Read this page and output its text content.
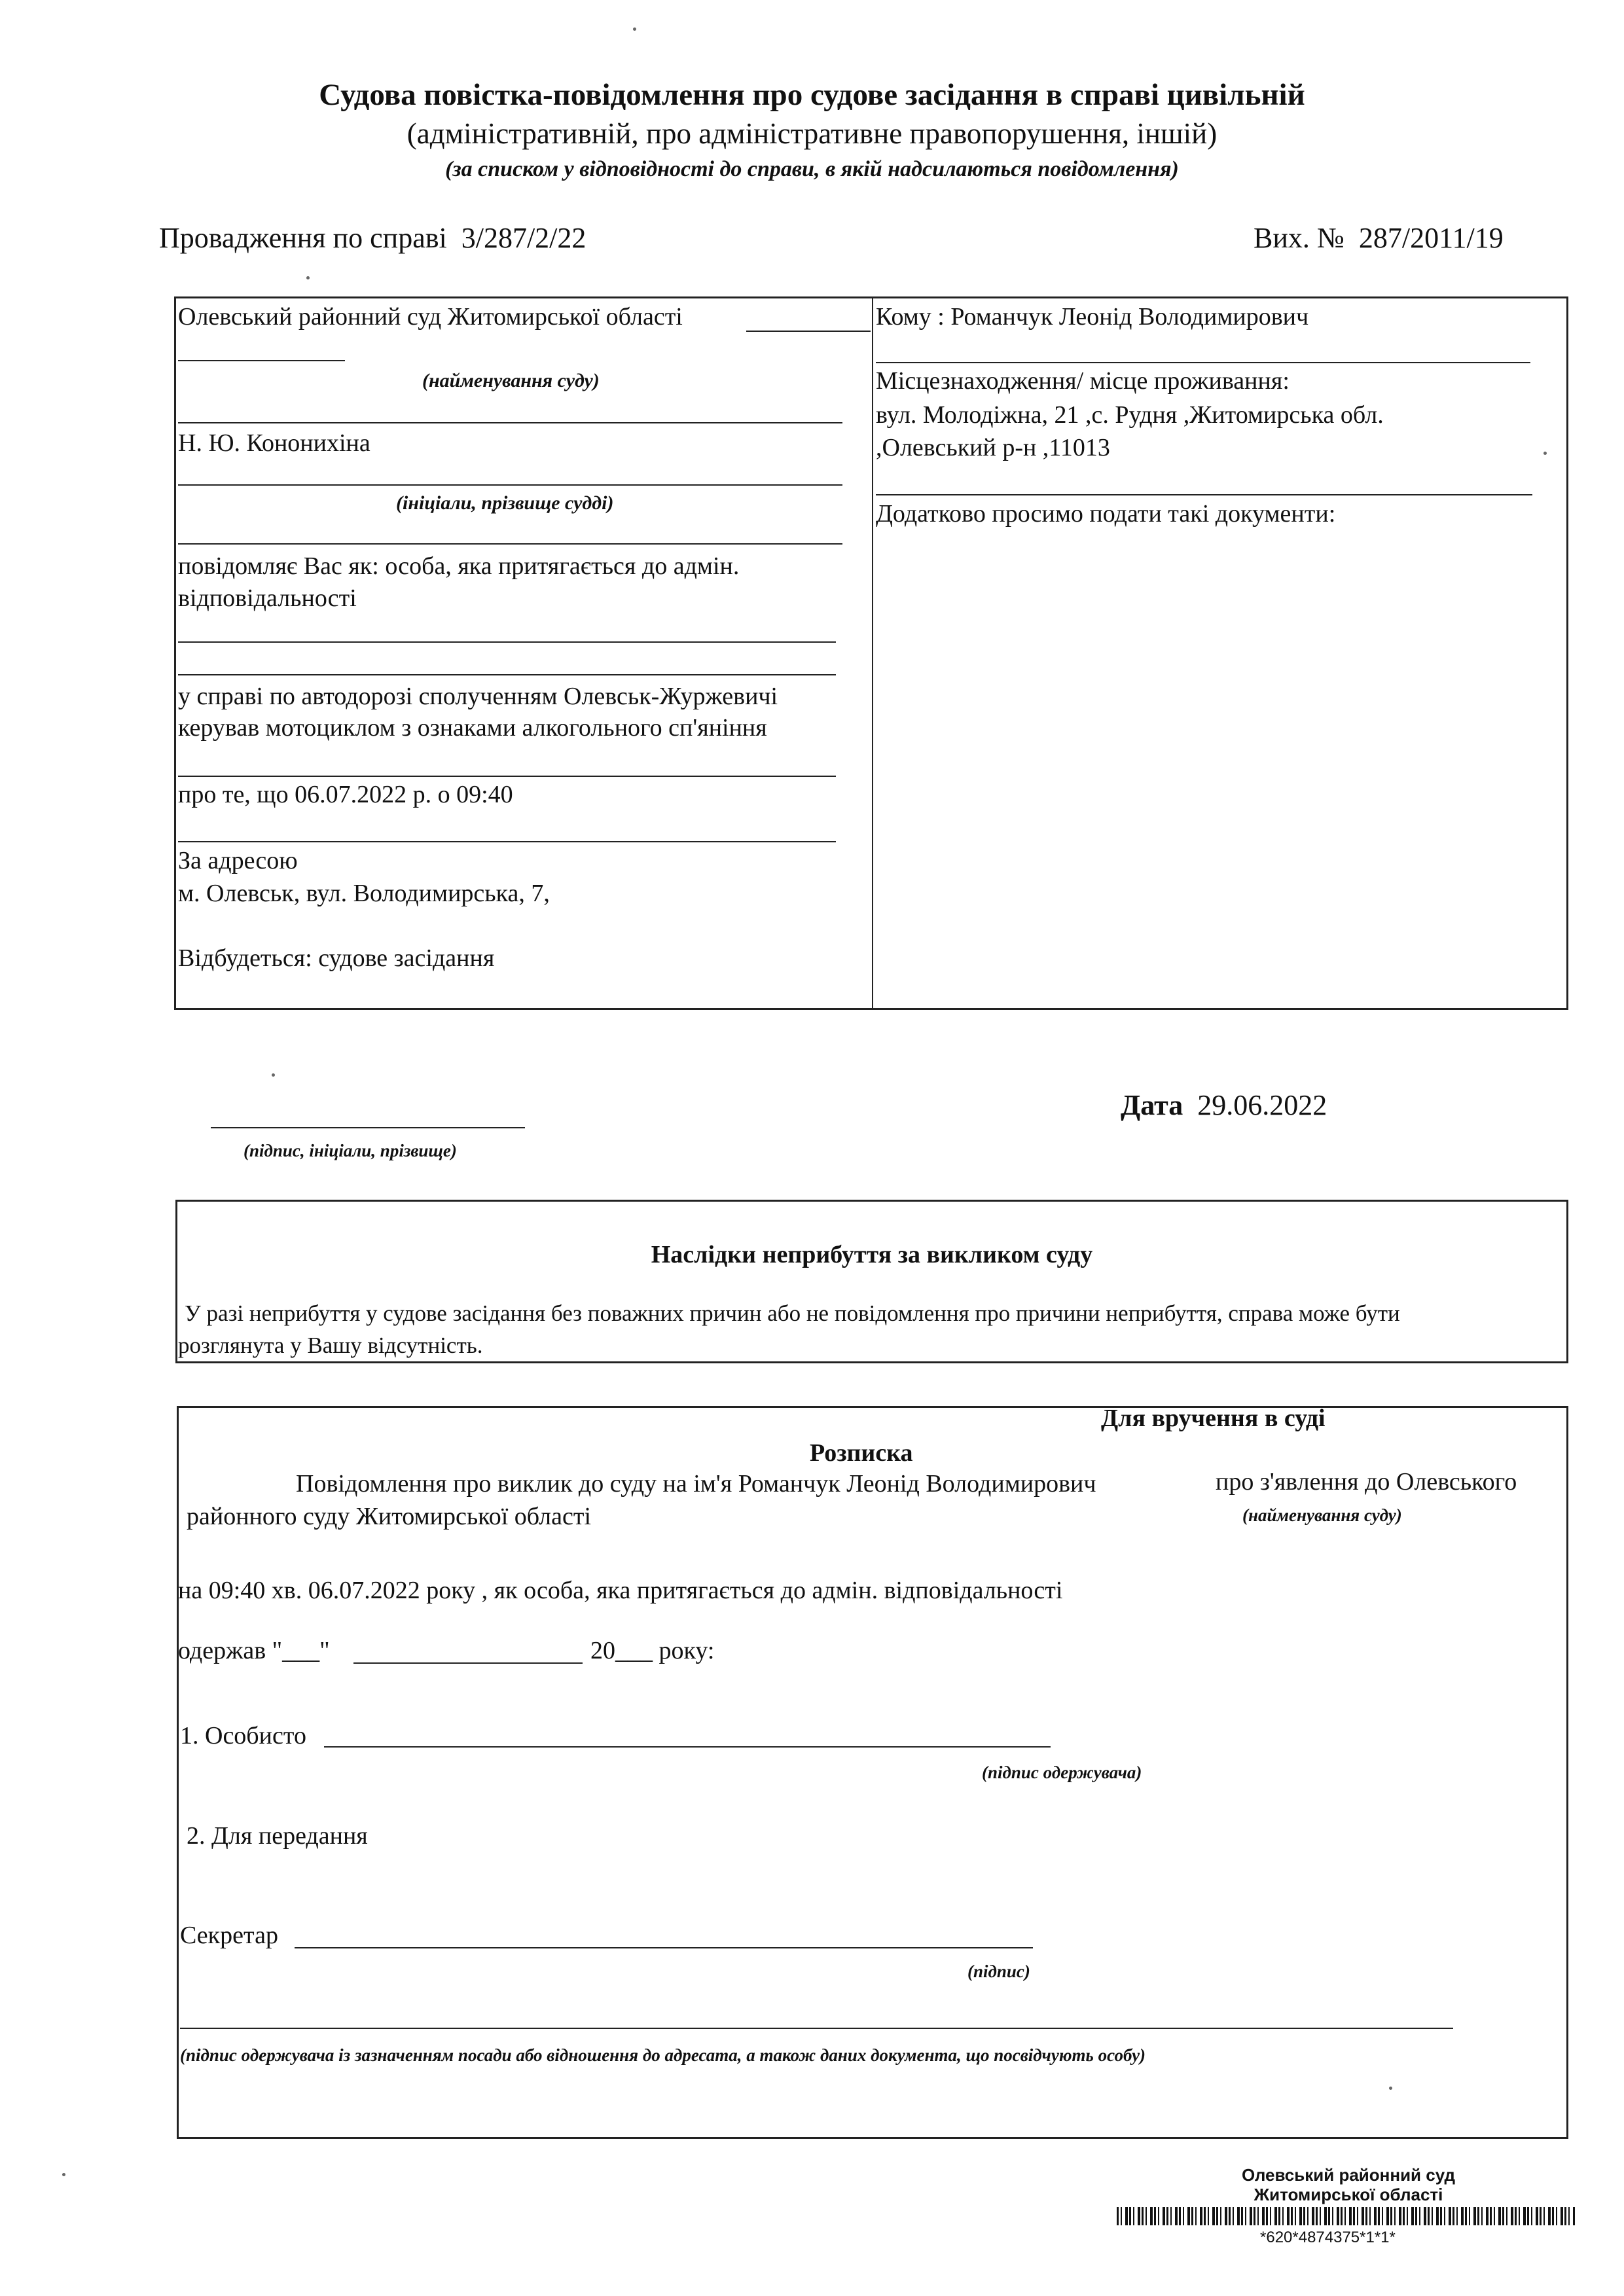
Судова повістка-повідомлення про судове засідання в справі цивільній
(адміністративній, про адміністративне правопорушення, іншій)
(за списком у відповідності до справи, в якій надсилаються повідомлення)
Провадження по справі 3/287/2/22	Вих. № 287/2011/19
Олевський районний суд Житомирської області
(найменування суду)
Н. Ю. Кононихіна
(ініціали, прізвище судді)
повідомляє Вас як: особа, яка притягається до адмін.
відповідальності
у справі по автодорозі сполученням Олевськ-Журжевичі
керував мотоциклом з ознаками алкогольного сп'яніння
про те, що 06.07.2022 р. о 09:40
За адресою
м. Олевськ, вул. Володимирська, 7,
Відбудеться: судове засідання
Кому : Романчук Леонід Володимирович
Місцезнаходження/ місце проживання:
вул. Молодіжна, 21 ,с. Рудня ,Житомирська обл.
,Олевський р-н ,11013
Додатково просимо подати такі документи:
(підпис, ініціали, прізвище)
Дата 29.06.2022
Наслідки неприбуття за викликом суду
У разі неприбуття у судове засідання без поважних причин або не повідомлення про причини неприбуття, справа може бути
розглянута у Вашу відсутність.
Для вручення в суді
Розписка
Повідомлення про виклик до суду на ім'я Романчук Леонід Володимирович	про з'явлення до Олевського
районного суду Житомирської області	(найменування суду)
на 09:40 хв. 06.07.2022 року , як особа, яка притягається до адмін. відповідальності
одержав "___"	20___ року:
1. Особисто
(підпис одержувача)
2. Для передання
Секретар
(підпис)
(підпис одержувача із зазначенням посади або відношення до адресата, а також даних документа, що посвідчують особу)
Олевський районний суд
Житомирської області
*620*4874375*1*1*
